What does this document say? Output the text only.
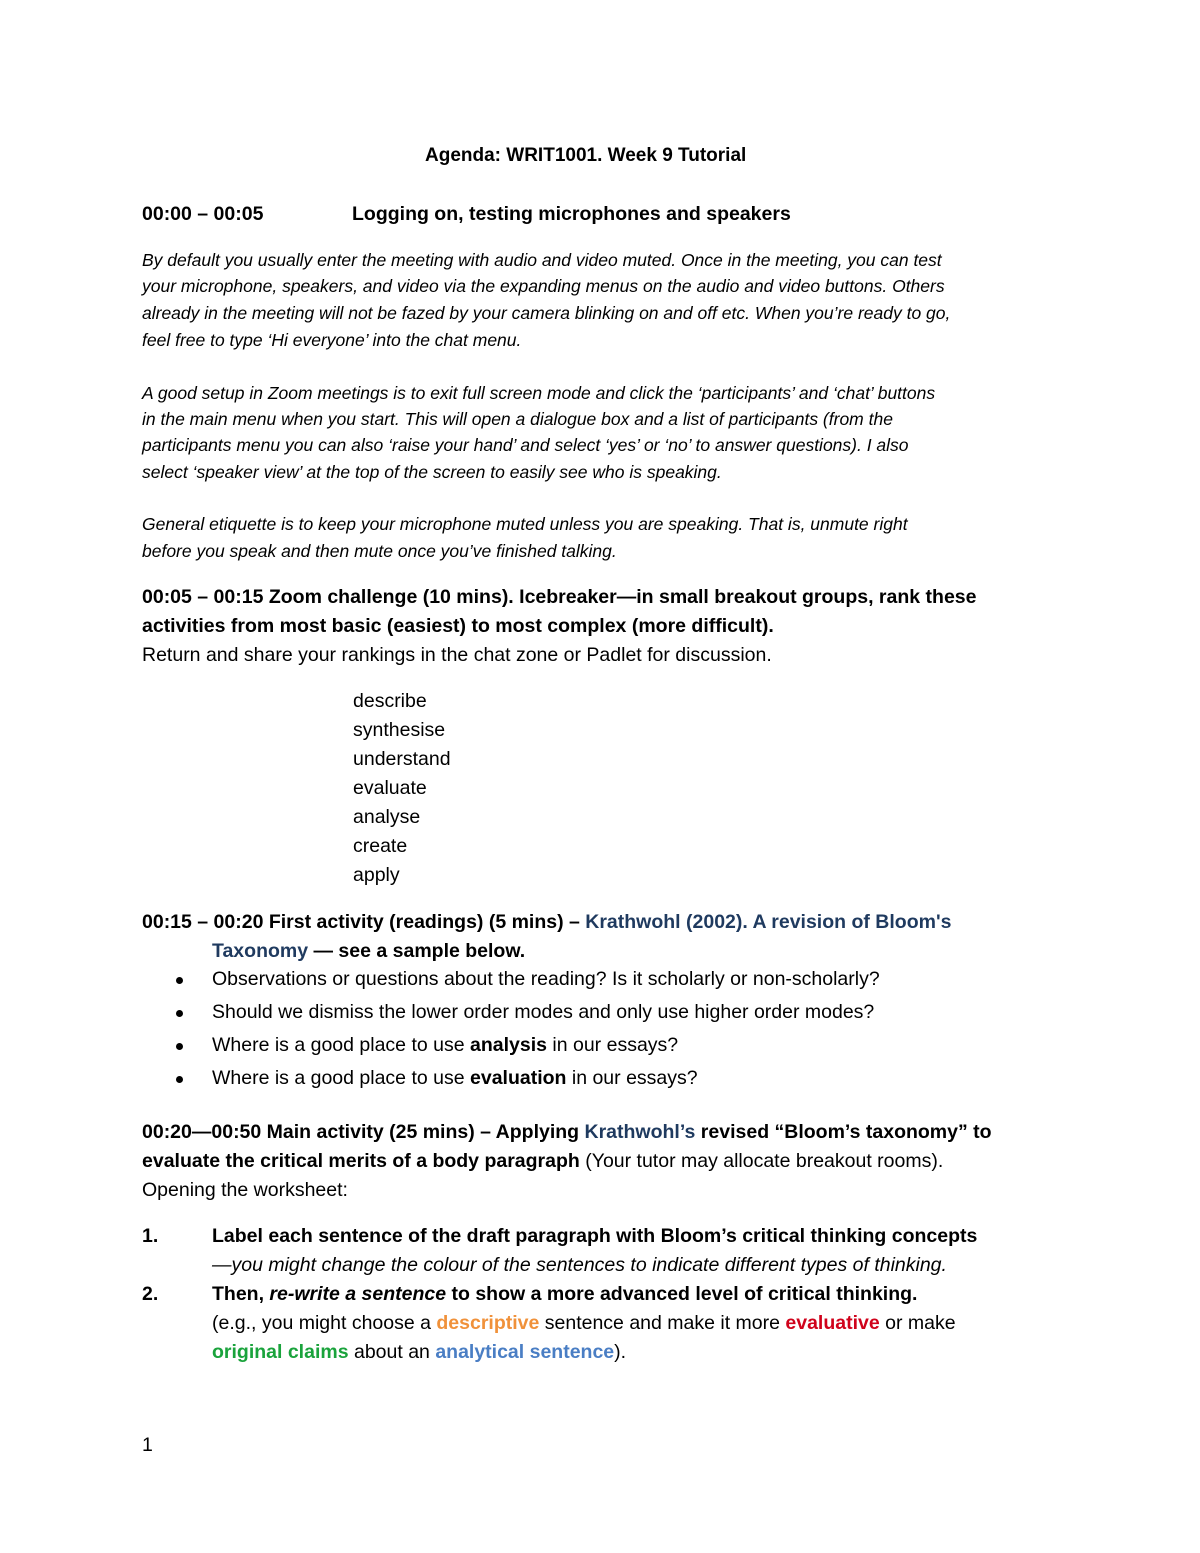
Agenda: WRIT1001. Week 9 Tutorial
00:00 – 00:05	Logging on, testing microphones and speakers
By default you usually enter the meeting with audio and video muted. Once in the meeting, you can test
your microphone, speakers, and video via the expanding menus on the audio and video buttons. Others
already in the meeting will not be fazed by your camera blinking on and off etc. When you’re ready to go,
feel free to type ‘Hi everyone’ into the chat menu.
A good setup in Zoom meetings is to exit full screen mode and click the ‘participants’ and ‘chat’ buttons
in the main menu when you start. This will open a dialogue box and a list of participants (from the
participants menu you can also ‘raise your hand’ and select ‘yes’ or ‘no’ to answer questions). I also
select ‘speaker view’ at the top of the screen to easily see who is speaking.
General etiquette is to keep your microphone muted unless you are speaking. That is, unmute right
before you speak and then mute once you’ve finished talking.
00:05 – 00:15 Zoom challenge (10 mins). Icebreaker—in small breakout groups, rank these
activities from most basic (easiest) to most complex (more difficult).
Return and share your rankings in the chat zone or Padlet for discussion.
describe
synthesise
understand
evaluate
analyse
create
apply
00:15 – 00:20 First activity (readings) (5 mins) – Krathwohl (2002). A revision of Bloom's
Taxonomy — see a sample below.
Observations or questions about the reading? Is it scholarly or non-scholarly?
Should we dismiss the lower order modes and only use higher order modes?
Where is a good place to use analysis in our essays?
Where is a good place to use evaluation in our essays?
00:20—00:50 Main activity (25 mins) – Applying Krathwohl’s revised “Bloom’s taxonomy” to
evaluate the critical merits of a body paragraph (Your tutor may allocate breakout rooms).
Opening the worksheet:
1.	Label each sentence of the draft paragraph with Bloom’s critical thinking concepts
—you might change the colour of the sentences to indicate different types of thinking.
2.	Then, re-write a sentence to show a more advanced level of critical thinking.
(e.g., you might choose a descriptive sentence and make it more evaluative or make
original claims about an analytical sentence).
1
